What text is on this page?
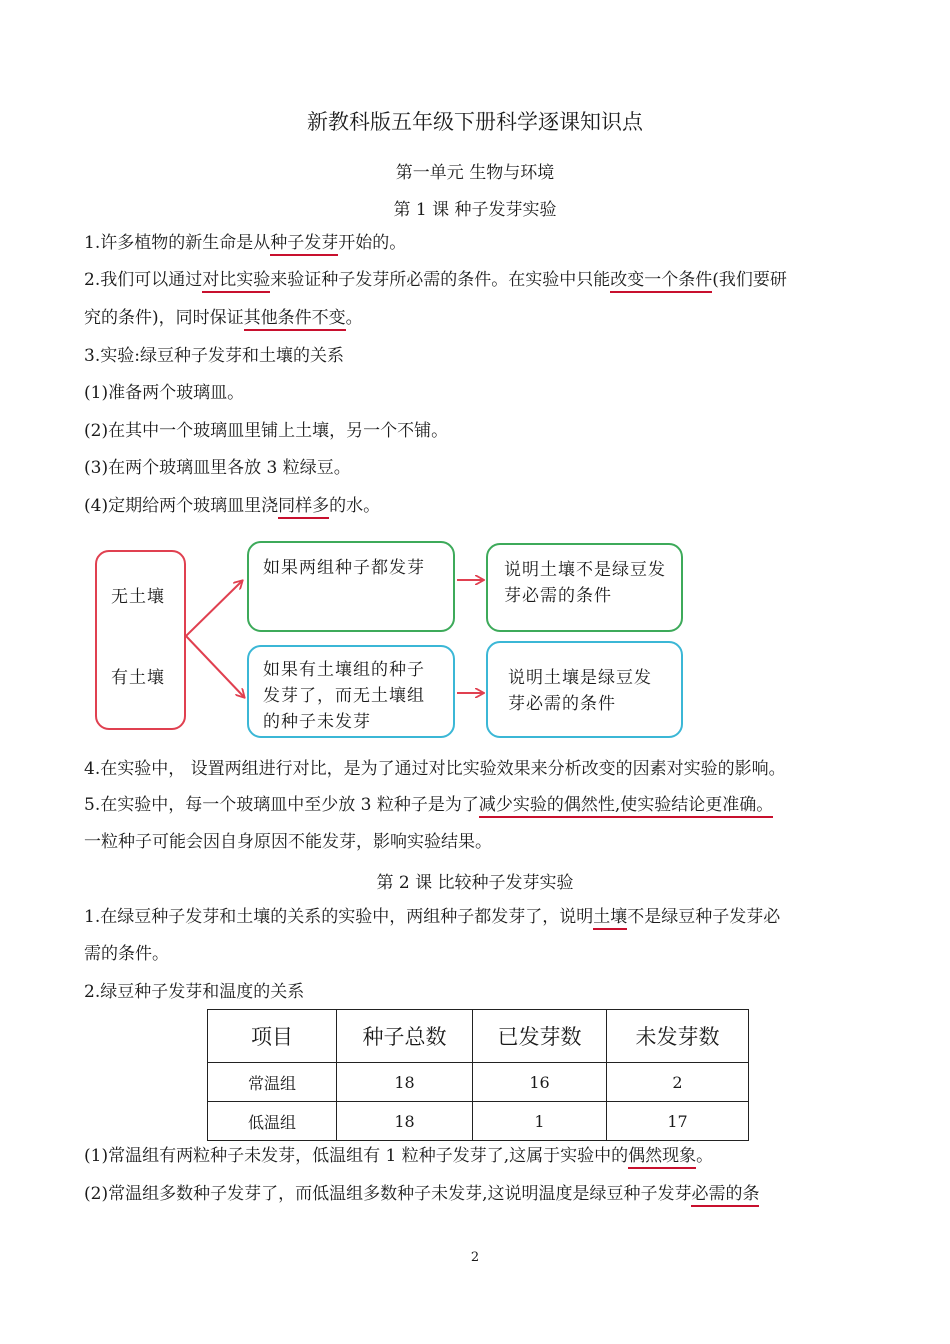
新教科版五年级下册科学逐课知识点
第一单元 生物与环境
第 1 课 种子发芽实验
1.许多植物的新生命是从种子发芽开始的。
2.我们可以通过对比实验来验证种子发芽所必需的条件。在实验中只能改变一个条件(我们要研
究的条件)，同时保证其他条件不变。
3.实验:绿豆种子发芽和土壤的关系
(1)准备两个玻璃皿。
(2)在其中一个玻璃皿里铺上土壤，另一个不铺。
(3)在两个玻璃皿里各放 3 粒绿豆。
(4)定期给两个玻璃皿里浇同样多的水。
无土壤
有土壤
如果两组种子都发芽
如果有土壤组的种子发芽了，而无土壤组的种子未发芽
说明土壤不是绿豆发芽必需的条件
说明土壤是绿豆发芽必需的条件
4.在实验中， 设置两组进行对比，是为了通过对比实验效果来分析改变的因素对实验的影响。
5.在实验中，每一个玻璃皿中至少放 3 粒种子是为了减少实验的偶然性,使实验结论更准确。
一粒种子可能会因自身原因不能发芽，影响实验结果。
第 2 课 比较种子发芽实验
1.在绿豆种子发芽和土壤的关系的实验中，两组种子都发芽了，说明土壤不是绿豆种子发芽必
需的条件。
2.绿豆种子发芽和温度的关系
项目	种子总数	已发芽数	未发芽数
常温组	18	16	2
低温组	18	1	17
(1)常温组有两粒种子未发芽，低温组有 1 粒种子发芽了,这属于实验中的偶然现象。
(2)常温组多数种子发芽了，而低温组多数种子未发芽,这说明温度是绿豆种子发芽必需的条
2
